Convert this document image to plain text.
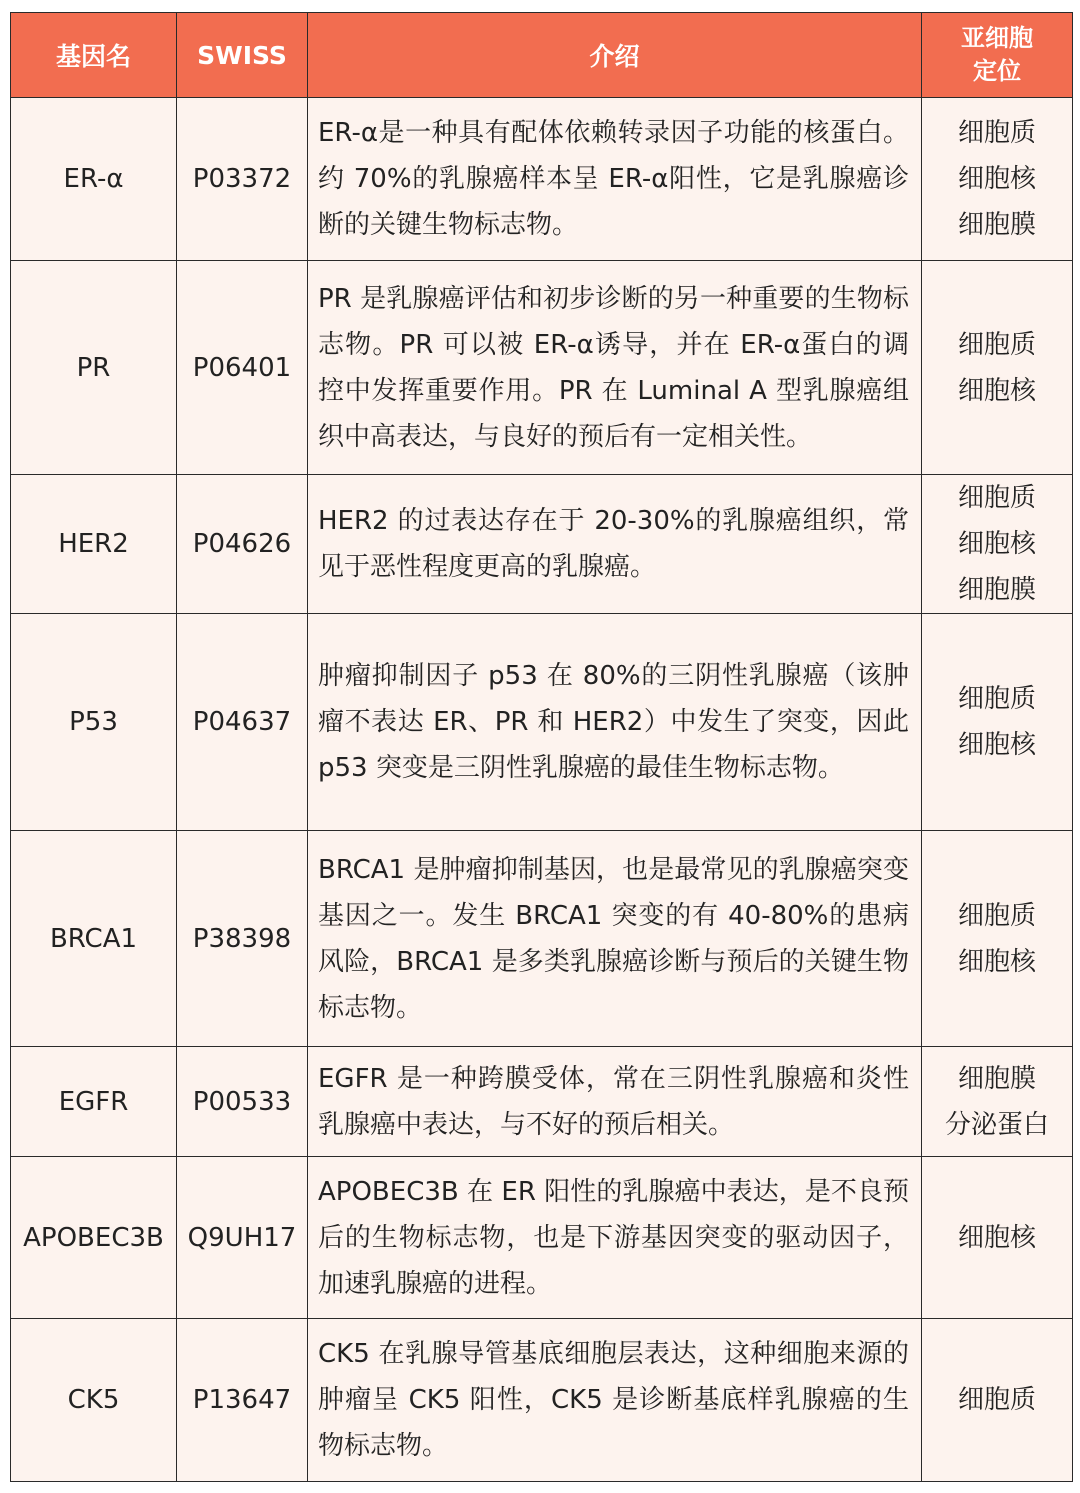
基因名	SWISS	介绍	亚细胞
定位

ER-α	P03372	ER-α是一种具有配体依赖转录因子功能的核蛋白。约 70%的乳腺癌样本呈 ER-α阳性，它是乳腺癌诊断的关键生物标志物。	细胞质
细胞核
细胞膜

PR	P06401	PR 是乳腺癌评估和初步诊断的另一种重要的生物标志物。PR 可以被 ER-α诱导，并在 ER-α蛋白的调控中发挥重要作用。PR 在 Luminal A 型乳腺癌组织中高表达，与良好的预后有一定相关性。	细胞质
细胞核

HER2	P04626	HER2 的过表达存在于 20-30%的乳腺癌组织，常见于恶性程度更高的乳腺癌。	细胞质
细胞核
细胞膜

P53	P04637	肿瘤抑制因子 p53 在 80%的三阴性乳腺癌（该肿瘤不表达 ER、PR 和 HER2）中发生了突变，因此 p53 突变是三阴性乳腺癌的最佳生物标志物。	细胞质
细胞核

BRCA1	P38398	BRCA1 是肿瘤抑制基因，也是最常见的乳腺癌突变基因之一。发生 BRCA1 突变的有 40-80%的患病风险，BRCA1 是多类乳腺癌诊断与预后的关键生物标志物。	细胞质
细胞核

EGFR	P00533	EGFR 是一种跨膜受体，常在三阴性乳腺癌和炎性乳腺癌中表达，与不好的预后相关。	细胞膜
分泌蛋白

APOBEC3B	Q9UH17	APOBEC3B 在 ER 阳性的乳腺癌中表达，是不良预后的生物标志物，也是下游基因突变的驱动因子，加速乳腺癌的进程。	细胞核

CK5	P13647	CK5 在乳腺导管基底细胞层表达，这种细胞来源的肿瘤呈 CK5 阳性，CK5 是诊断基底样乳腺癌的生物标志物。	细胞质
